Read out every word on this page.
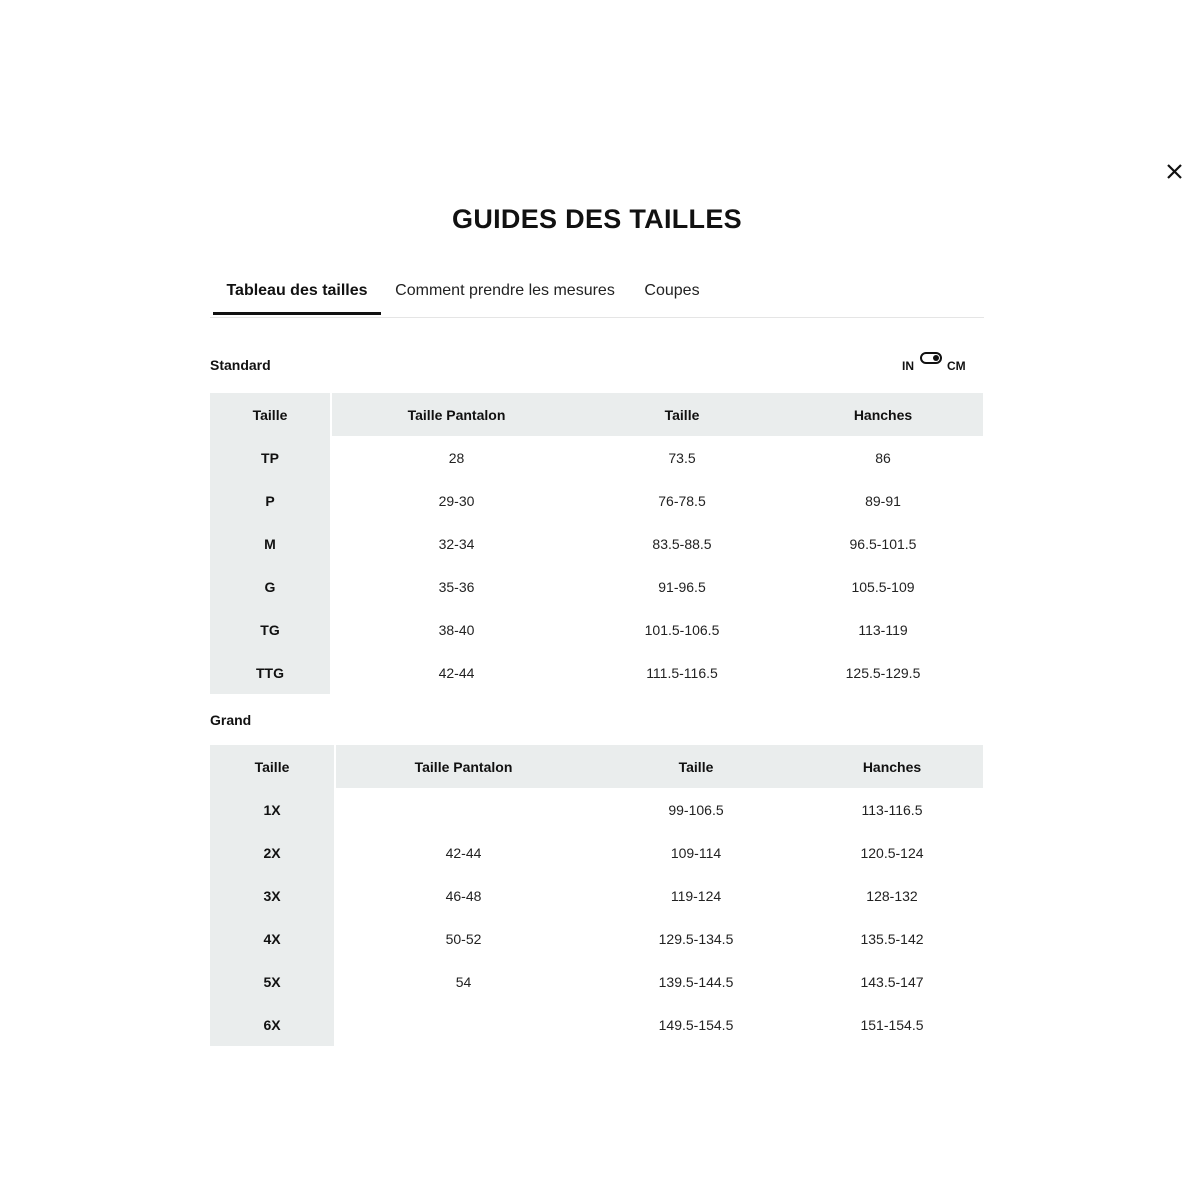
GUIDES DES TAILLES
Tableau des tailles	Comment prendre les mesures	Coupes
Standard	IN	CM
Taille	Taille Pantalon	Taille	Hanches
TP	28	73.5	86
P	29-30	76-78.5	89-91
M	32-34	83.5-88.5	96.5-101.5
G	35-36	91-96.5	105.5-109
TG	38-40	101.5-106.5	113-119
TTG	42-44	111.5-116.5	125.5-129.5
Grand
Taille	Taille Pantalon	Taille	Hanches
1X		99-106.5	113-116.5
2X	42-44	109-114	120.5-124
3X	46-48	119-124	128-132
4X	50-52	129.5-134.5	135.5-142
5X	54	139.5-144.5	143.5-147
6X		149.5-154.5	151-154.5
